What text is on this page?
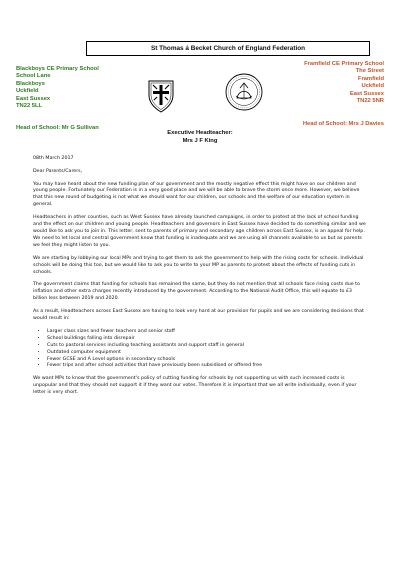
St Thomas á Becket Church of England Federation
Blackboys CE Primary School
School Lane
Blackboys
Uckfield
East Sussex
TN22 5LL
Head of School: Mr G Sullivan
Framfield CE Primary School
The Street
Framfield
Uckfield
East Sussex
TN22 5NR
Head of School: Mrs J Davies
Executive Headteacher:
Mrs J F King

08th March 2017

Dear Parents/Carers,

You may have heard about the new funding plan of our government and the mostly negative effect this might have on our children and young people. Fortunately our Federation is in a very good place and we will be able to brave the storm once more. However, we believe that this new round of budgeting is not what we should want for our children, our schools and the welfare of our education system in general.

Headteachers in other counties, such as West Sussex have already launched campaigns, in order to protest at the lack of school funding and the effect on our children and young people. Headteachers and governors in East Sussex have decided to do something similar and we would like to ask you to join in. This letter, sent to parents of primary and secondary age children across East Sussex, is an appeal for help. We need to let local and central government know that funding is inadequate and we are using all channels available to us but as parents we feel they might listen to you.

We are starting by lobbying our local MPs and trying to get them to ask the government to help with the rising costs for schools. Individual schools will be doing this too, but we would like to ask you to write to your MP as parents to protest about the effects of funding cuts in schools.

The government claims that funding for schools has remained the same, but they do not mention that all schools face rising costs due to inflation and other extra charges recently introduced by the government. According to the National Audit Office, this will equate to £3 billion less between 2019 and 2020.

As a result, Headteachers across East Sussex are having to look very hard at our provision for pupils and we are considering decisions that would result in:

• Larger class sizes and fewer teachers and senior staff
• School buildings falling into disrepair
• Cuts to pastoral services including teaching assistants and support staff in general
• Outdated computer equipment
• Fewer GCSE and A Level options in secondary schools
• Fewer trips and after school activities that have previously been subsidised or offered free

We want MPs to know that the government's policy of cutting funding for schools by not supporting us with such increased costs is unpopular and that they should not support it if they want our votes. Therefore it is important that we all write individually, even if your letter is very short.
